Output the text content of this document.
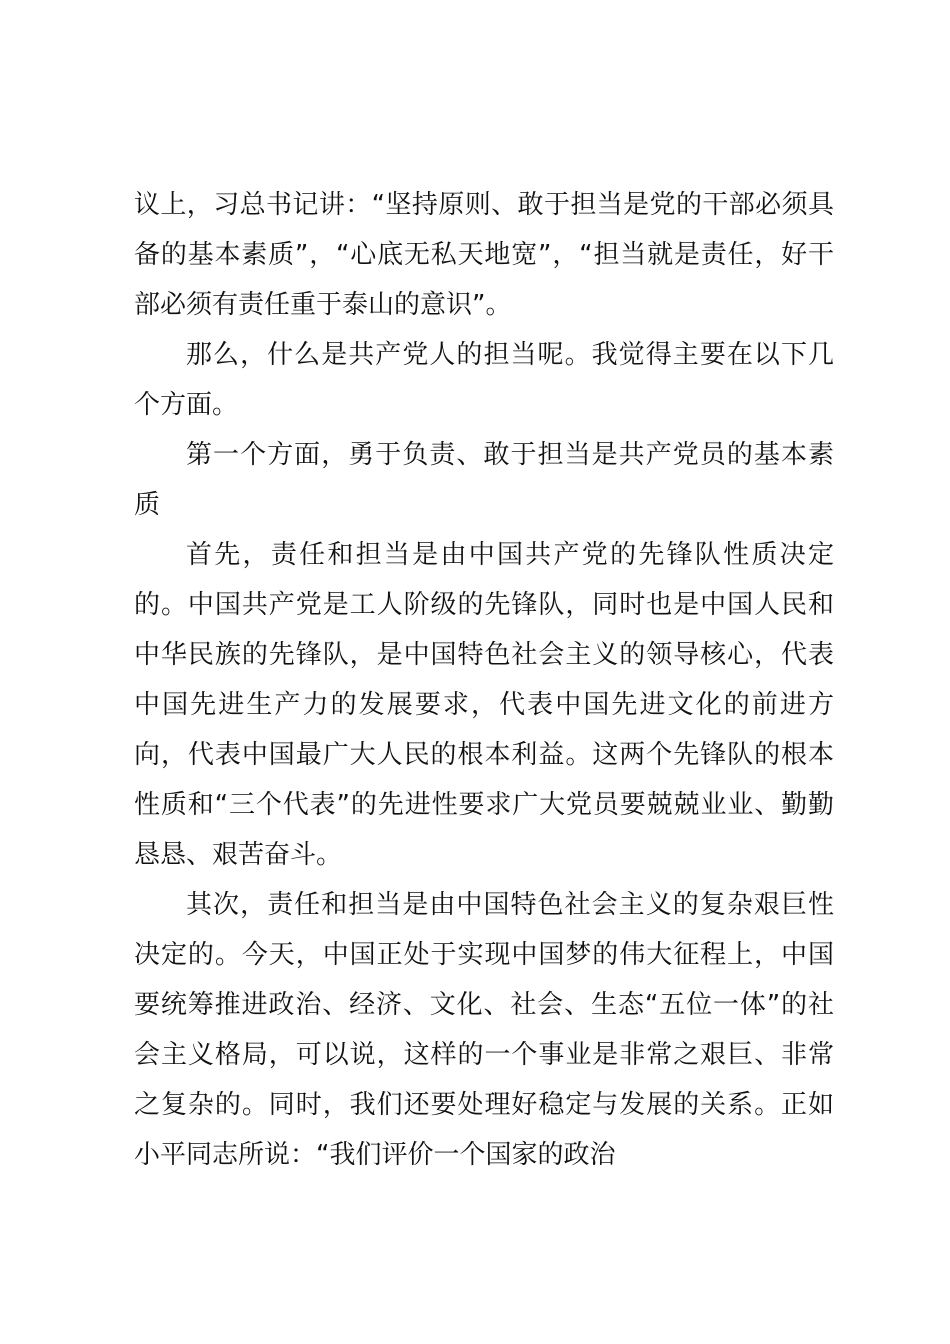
议上，习总书记讲：“坚持原则、敢于担当是党的干部必须具备的基本素质”，“心底无私天地宽”，“担当就是责任，好干部必须有责任重于泰山的意识”。

那么，什么是共产党人的担当呢。我觉得主要在以下几个方面。

第一个方面，勇于负责、敢于担当是共产党员的基本素质

首先，责任和担当是由中国共产党的先锋队性质决定的。中国共产党是工人阶级的先锋队，同时也是中国人民和中华民族的先锋队，是中国特色社会主义的领导核心，代表中国先进生产力的发展要求，代表中国先进文化的前进方向，代表中国最广大人民的根本利益。这两个先锋队的根本性质和“三个代表”的先进性要求广大党员要兢兢业业、勤勤恳恳、艰苦奋斗。

其次，责任和担当是由中国特色社会主义的复杂艰巨性决定的。今天，中国正处于实现中国梦的伟大征程上，中国要统筹推进政治、经济、文化、社会、生态“五位一体”的社会主义格局，可以说，这样的一个事业是非常之艰巨、非常之复杂的。同时，我们还要处理好稳定与发展的关系。正如小平同志所说：“我们评价一个国家的政治
